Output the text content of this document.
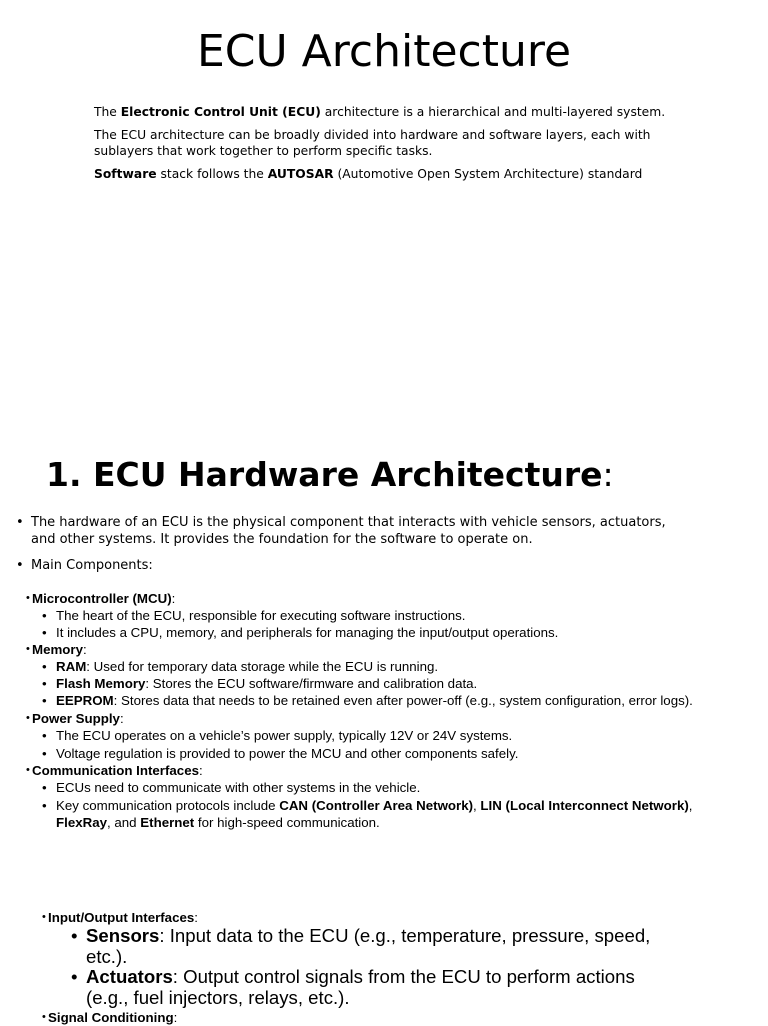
ECU Architecture
The Electronic Control Unit (ECU) architecture is a hierarchical and multi-layered system.
The ECU architecture can be broadly divided into hardware and software layers, each with
sublayers that work together to perform specific tasks.
Software stack follows the AUTOSAR (Automotive Open System Architecture) standard
1. ECU Hardware Architecture:
• The hardware of an ECU is the physical component that interacts with vehicle sensors, actuators,
and other systems. It provides the foundation for the software to operate on.
• Main Components:
• Microcontroller (MCU):
• The heart of the ECU, responsible for executing software instructions.
• It includes a CPU, memory, and peripherals for managing the input/output operations.
• Memory:
• RAM: Used for temporary data storage while the ECU is running.
• Flash Memory: Stores the ECU software/firmware and calibration data.
• EEPROM: Stores data that needs to be retained even after power-off (e.g., system configuration, error logs).
• Power Supply:
• The ECU operates on a vehicle’s power supply, typically 12V or 24V systems.
• Voltage regulation is provided to power the MCU and other components safely.
• Communication Interfaces:
• ECUs need to communicate with other systems in the vehicle.
• Key communication protocols include CAN (Controller Area Network), LIN (Local Interconnect Network),
FlexRay, and Ethernet for high-speed communication.
• Input/Output Interfaces:
• Sensors: Input data to the ECU (e.g., temperature, pressure, speed,
etc.).
• Actuators: Output control signals from the ECU to perform actions
(e.g., fuel injectors, relays, etc.).
• Signal Conditioning:
